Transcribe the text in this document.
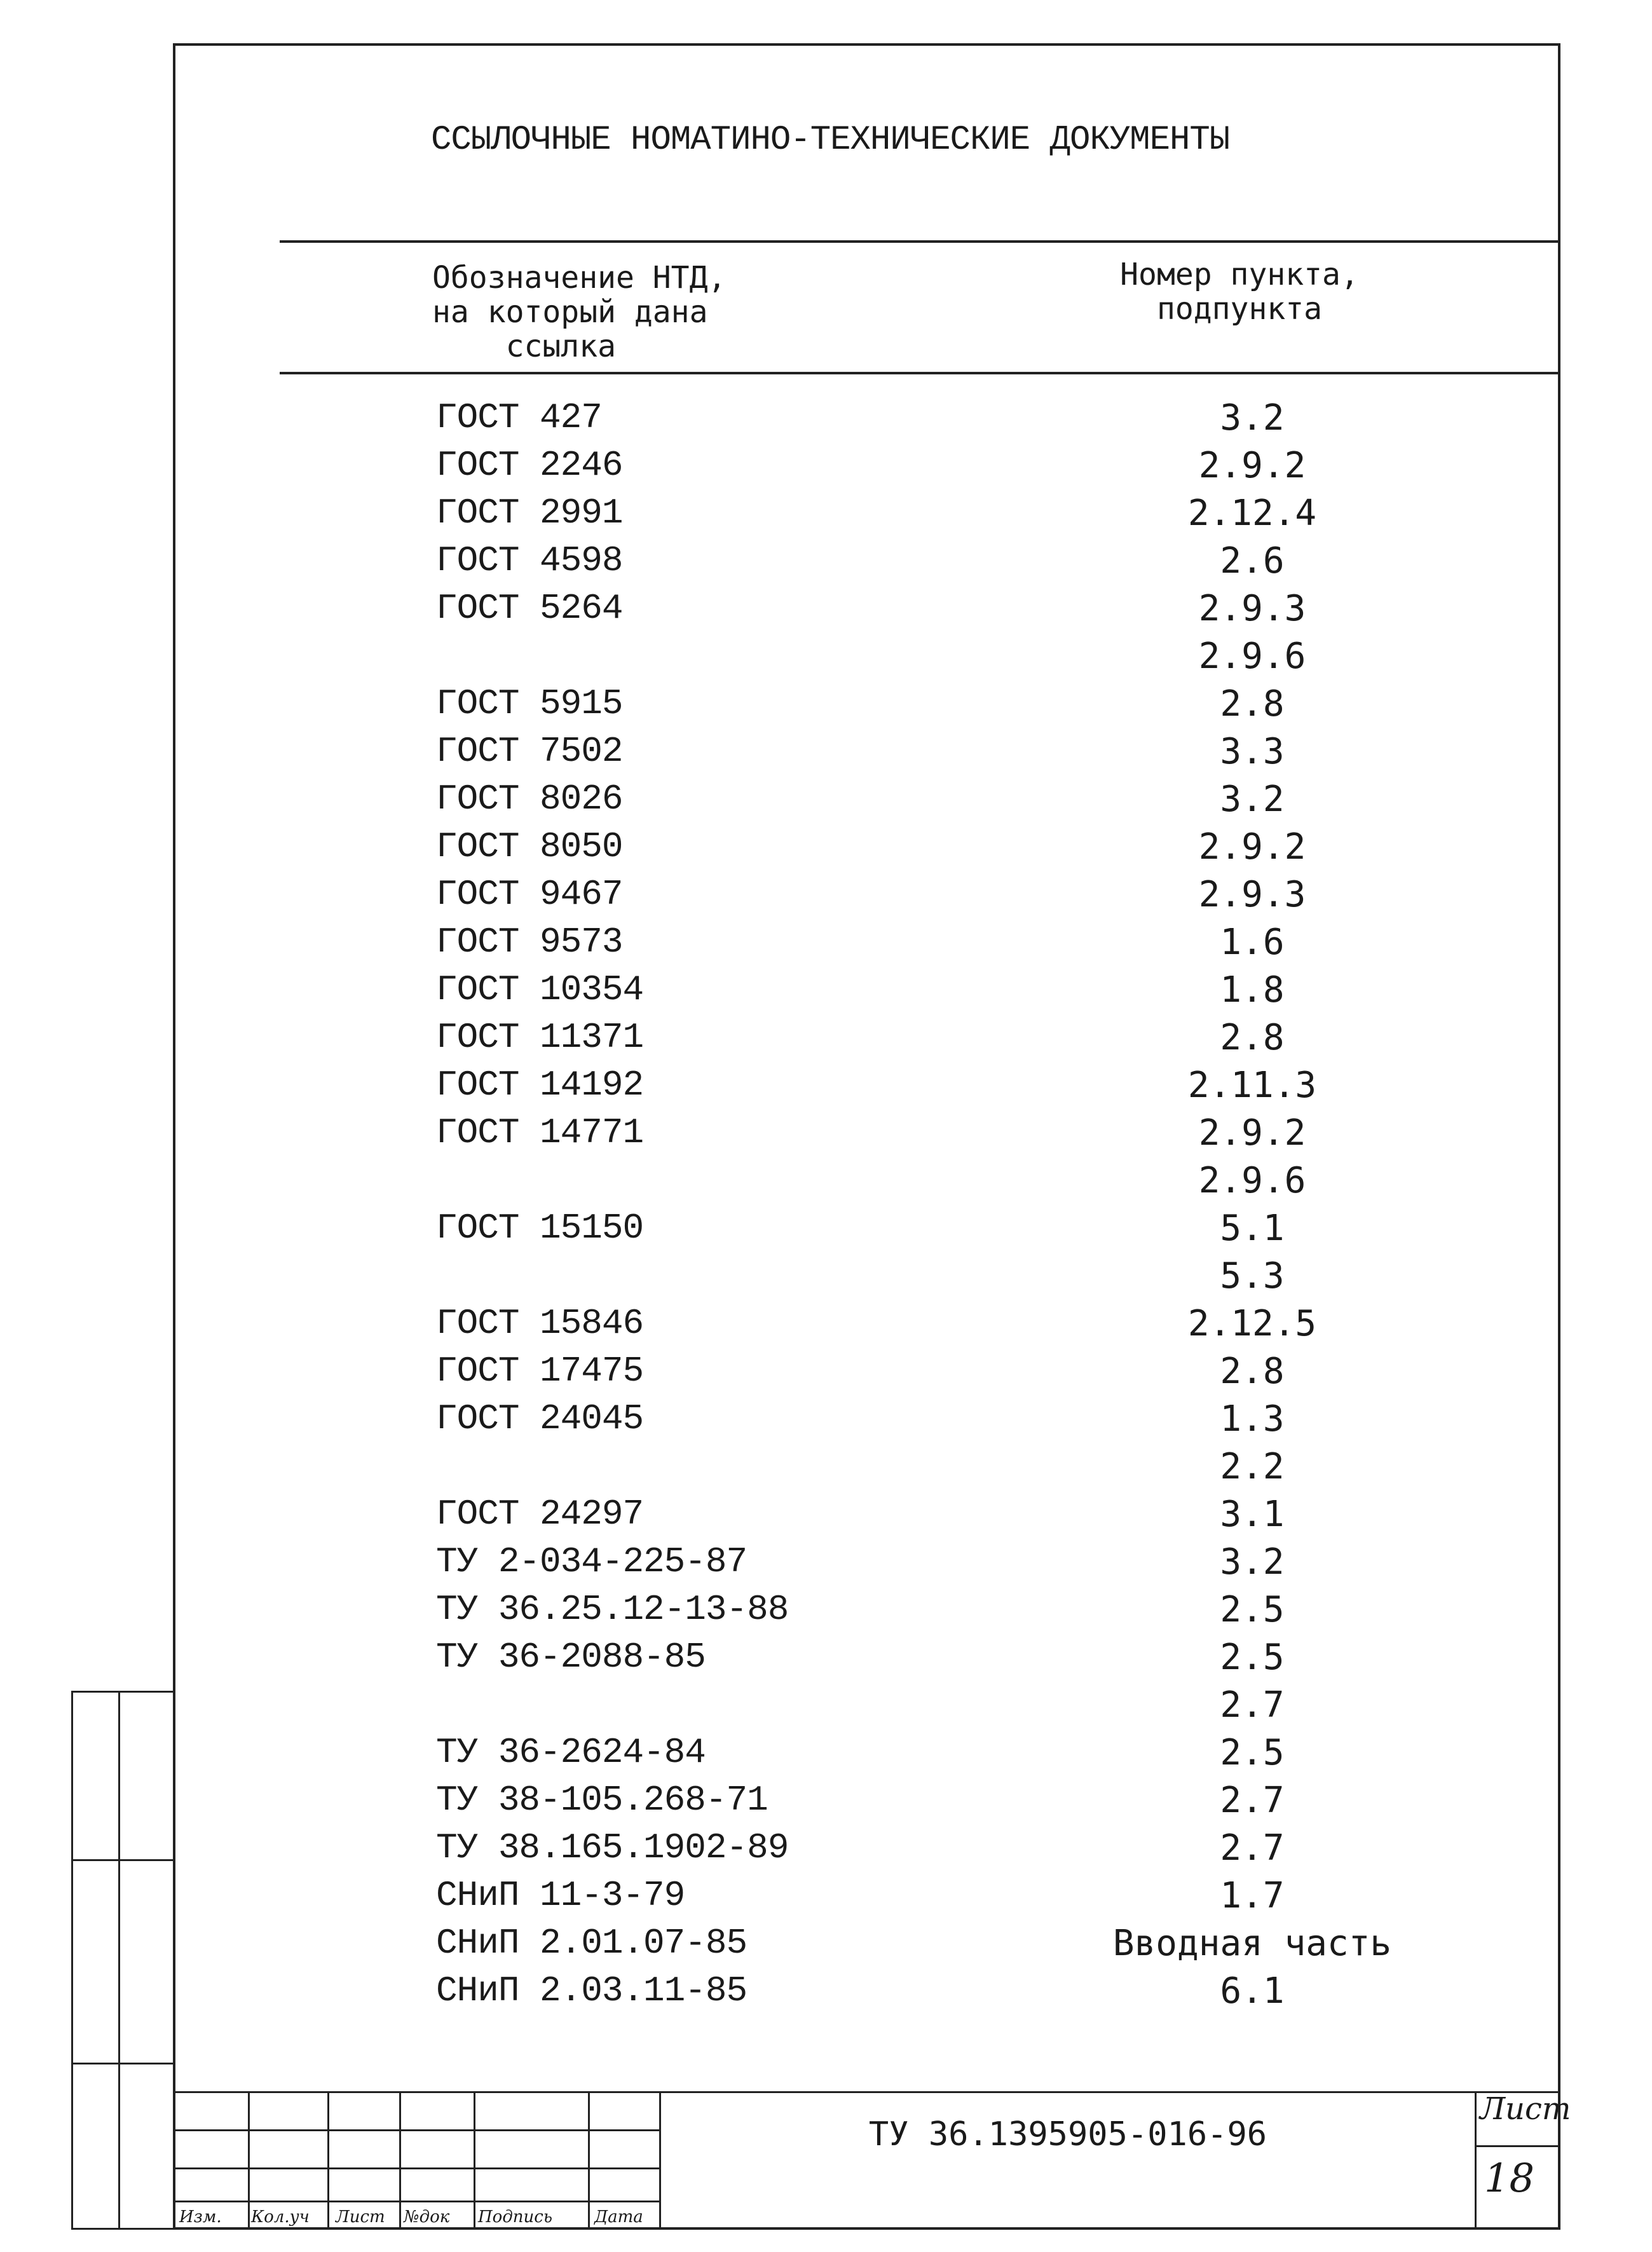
ССЫЛОЧНЫЕ НОМАТИНО-ТЕХНИЧЕСКИЕ ДОКУМЕНТЫ
Обозначение НТД,
на который дана
ссылка
Номер пункта,
подпункта
ГОСТ 427	3.2
ГОСТ 2246	2.9.2
ГОСТ 2991	2.12.4
ГОСТ 4598	2.6
ГОСТ 5264	2.9.3
2.9.6
ГОСТ 5915	2.8
ГОСТ 7502	3.3
ГОСТ 8026	3.2
ГОСТ 8050	2.9.2
ГОСТ 9467	2.9.3
ГОСТ 9573	1.6
ГОСТ 10354	1.8
ГОСТ 11371	2.8
ГОСТ 14192	2.11.3
ГОСТ 14771	2.9.2
2.9.6
ГОСТ 15150	5.1
5.3
ГОСТ 15846	2.12.5
ГОСТ 17475	2.8
ГОСТ 24045	1.3
2.2
ГОСТ 24297	3.1
ТУ 2-034-225-87	3.2
ТУ 36.25.12-13-88	2.5
ТУ 36-2088-85	2.5
2.7
ТУ 36-2624-84	2.5
ТУ 38-105.268-71	2.7
ТУ 38.165.1902-89	2.7
СНиП 11-3-79	1.7
СНиП 2.01.07-85	Вводная часть
СНиП 2.03.11-85	6.1
Изм. Кол.уч Лист №док Подпись	Дата
ТУ 36.1395905-016-96
Лист
18
